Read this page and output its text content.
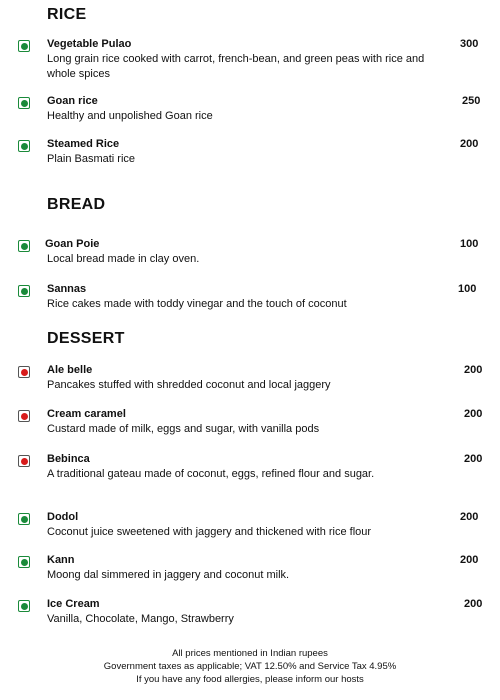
RICE
Vegetable Pulao
Long grain rice cooked with carrot, french-bean, and green peas with rice and whole spices
300
Goan rice
Healthy and unpolished Goan rice
250
Steamed Rice
Plain Basmati rice
200
BREAD
Goan Poie
Local bread made in clay oven.
100
Sannas
Rice cakes made with toddy vinegar and the touch of coconut
100
DESSERT
Ale belle
Pancakes stuffed with shredded coconut and local jaggery
200
Cream caramel
Custard made of milk, eggs and sugar, with vanilla pods
200
Bebinca
A traditional gateau made of coconut, eggs, refined flour and sugar.
200
Dodol
Coconut juice sweetened with jaggery and thickened with rice flour
200
Kann
Moong dal simmered in jaggery and coconut milk.
200
Ice Cream
Vanilla, Chocolate, Mango, Strawberry
200
All prices mentioned in Indian rupees
Government taxes as applicable; VAT 12.50% and Service Tax 4.95%
If you have any food allergies, please inform our hosts
